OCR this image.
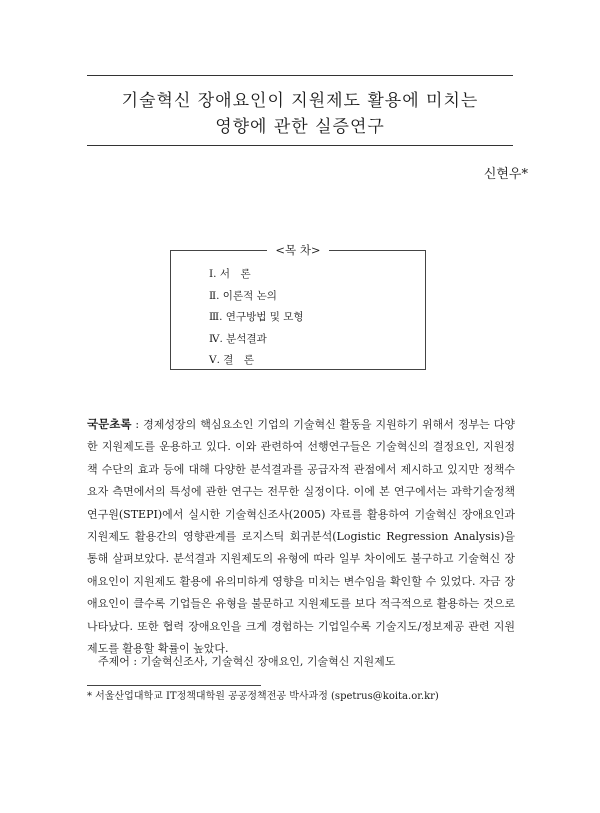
기술혁신 장애요인이 지원제도 활용에 미치는
영향에 관한 실증연구
신현우*
<목 차>
Ⅰ. 서　론
Ⅱ. 이론적 논의
Ⅲ. 연구방법 및 모형
Ⅳ. 분석결과
Ⅴ. 결　론
국문초록 : 경제성장의 핵심요소인 기업의 기술혁신 활동을 지원하기 위해서 정부는 다양한 지원제도를 운용하고 있다. 이와 관련하여 선행연구들은 기술혁신의 결정요인, 지원정책 수단의 효과 등에 대해 다양한 분석결과를 공급자적 관점에서 제시하고 있지만 정책수요자 측면에서의 특성에 관한 연구는 전무한 실정이다. 이에 본 연구에서는 과학기술정책연구원(STEPI)에서 실시한 기술혁신조사(2005) 자료를 활용하여 기술혁신 장애요인과 지원제도 활용간의 영향관계를 로지스틱 회귀분석(Logistic Regression Analysis)을 통해 살펴보았다. 분석결과 지원제도의 유형에 따라 일부 차이에도 불구하고 기술혁신 장애요인이 지원제도 활용에 유의미하게 영향을 미치는 변수임을 확인할 수 있었다. 자금 장애요인이 클수록 기업들은 유형을 불문하고 지원제도를 보다 적극적으로 활용하는 것으로 나타났다. 또한 협력 장애요인을 크게 경험하는 기업일수록 기술지도/정보제공 관련 지원제도를 활용할 확률이 높았다.
주제어 : 기술혁신조사, 기술혁신 장애요인, 기술혁신 지원제도
* 서울산업대학교 IT정책대학원 공공정책전공 박사과정 (spetrus@koita.or.kr)
